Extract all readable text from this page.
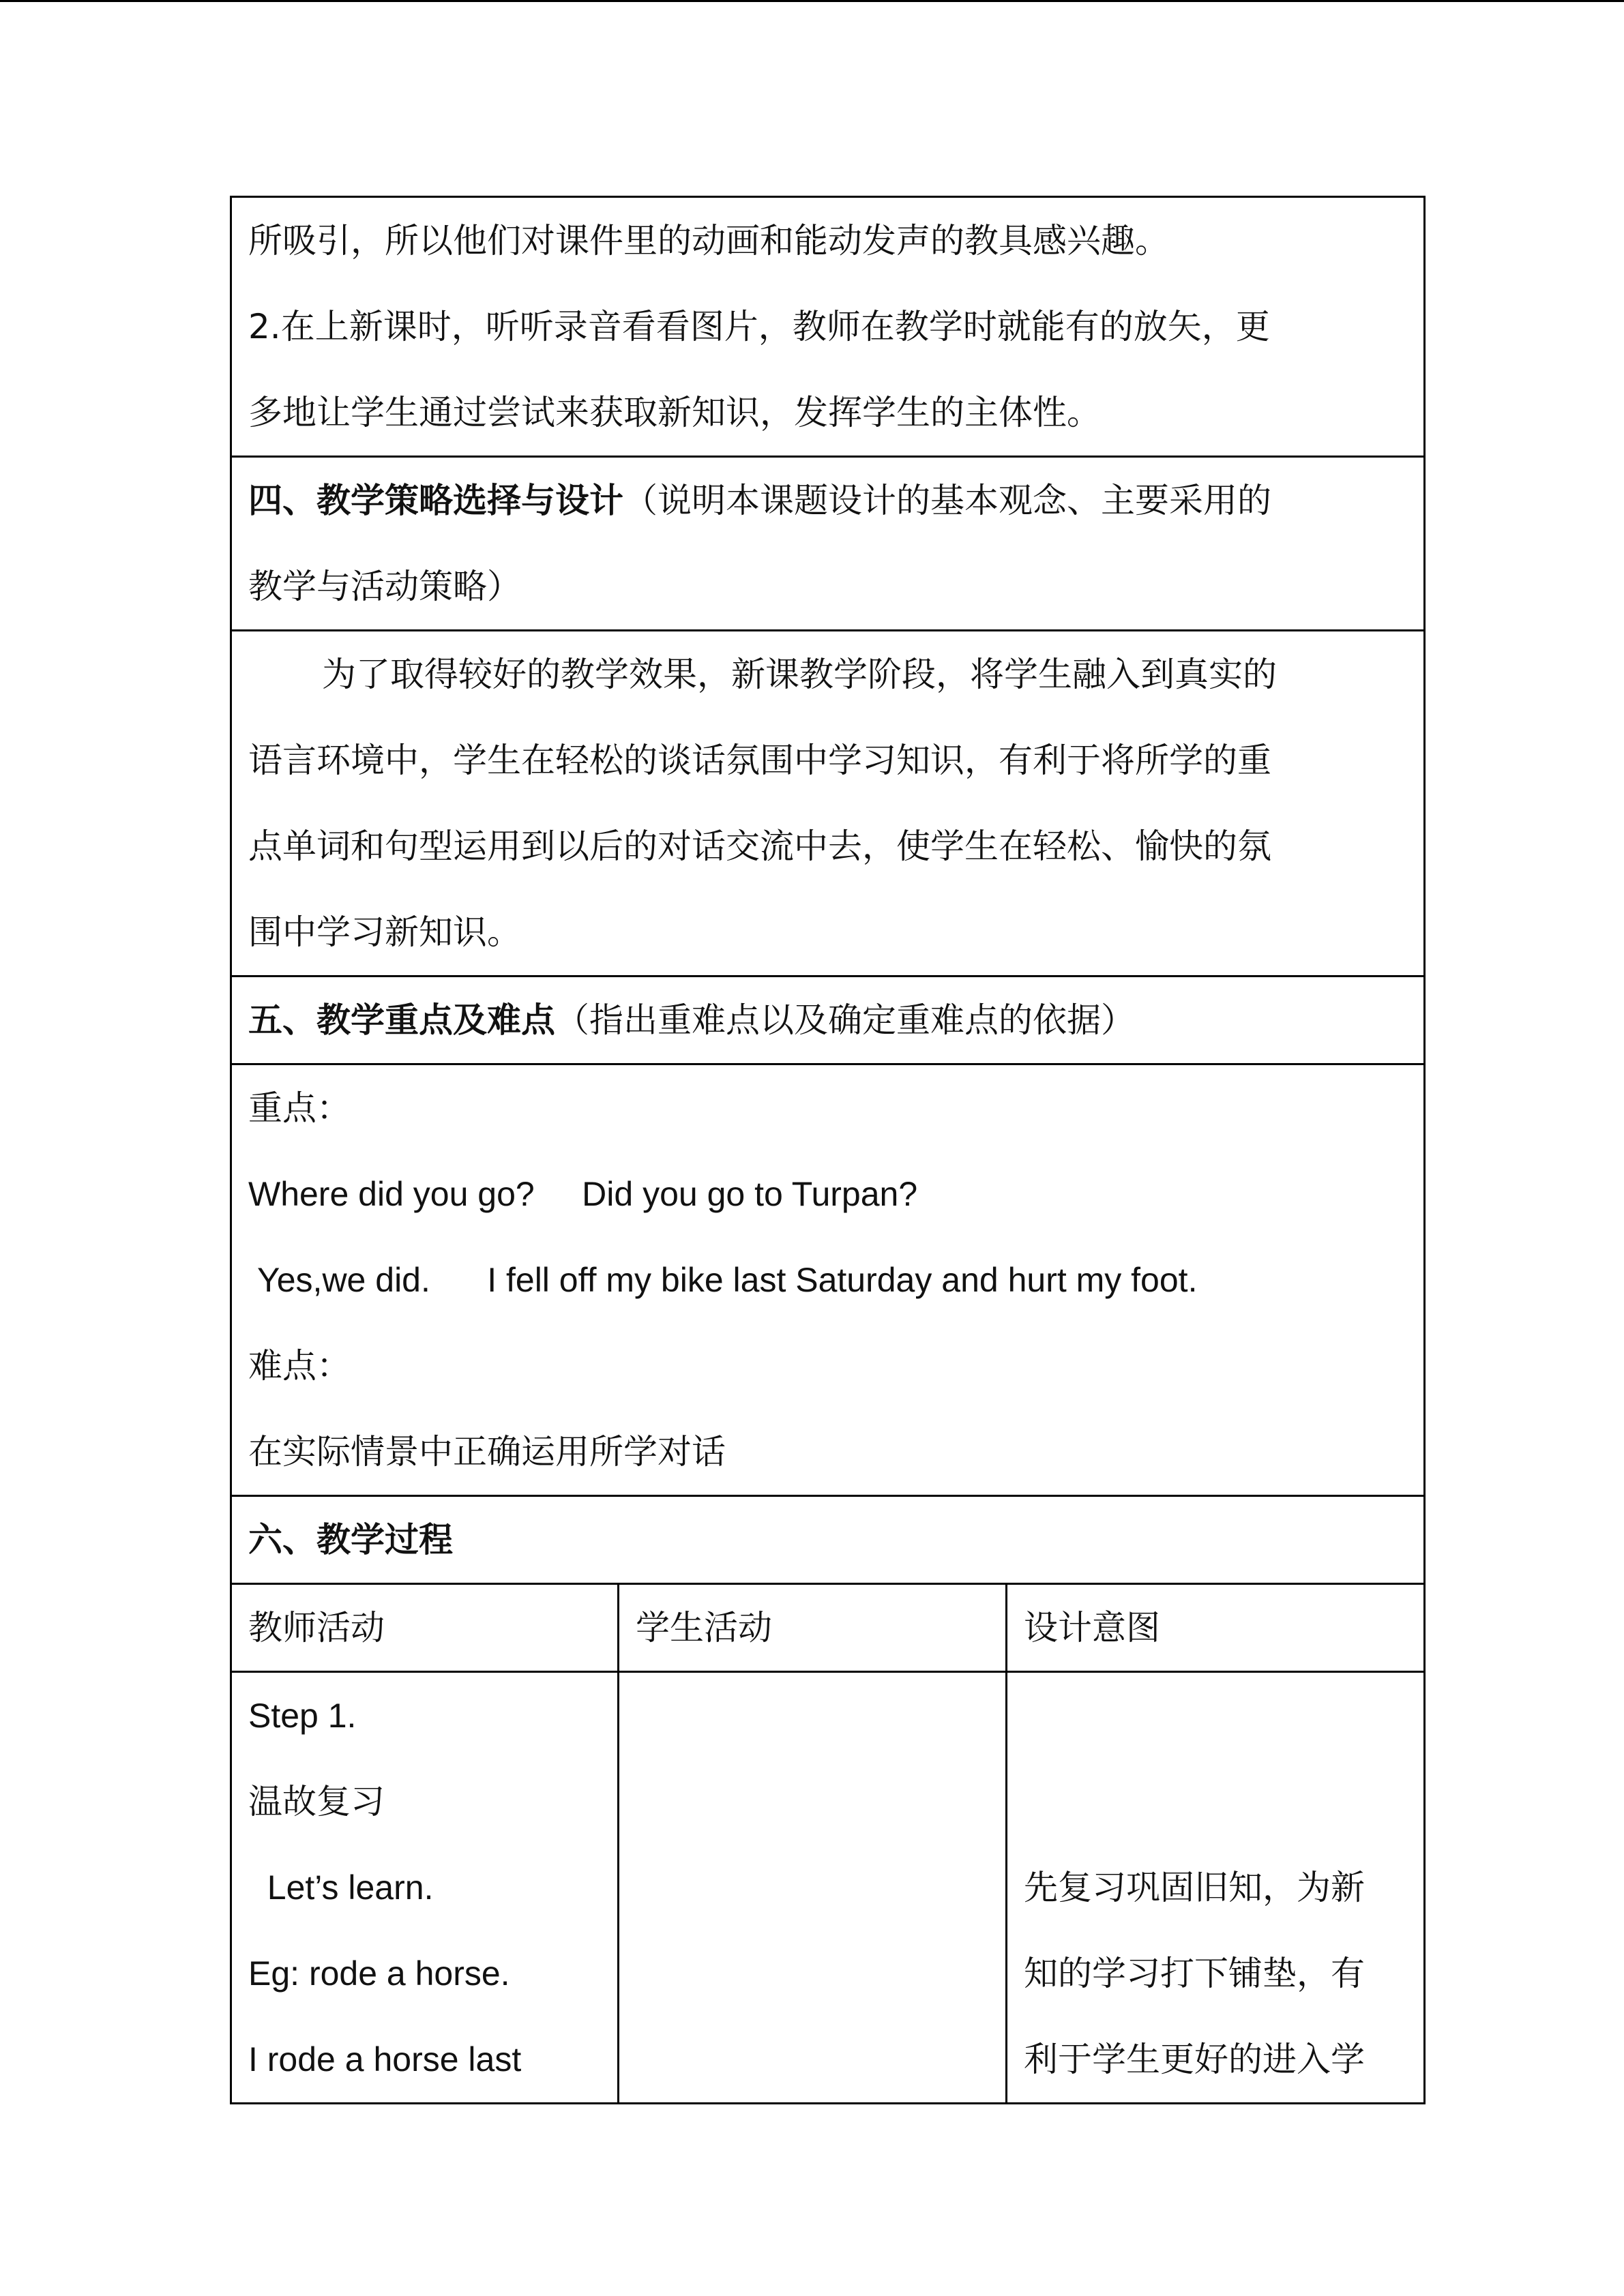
所吸引，所以他们对课件里的动画和能动发声的教具感兴趣。
2.在上新课时，听听录音看看图片，教师在教学时就能有的放矢，更
多地让学生通过尝试来获取新知识，发挥学生的主体性。
四、教学策略选择与设计（说明本课题设计的基本观念、主要采用的
教学与活动策略）
为了取得较好的教学效果，新课教学阶段，将学生融入到真实的
语言环境中，学生在轻松的谈话氛围中学习知识，有利于将所学的重
点单词和句型运用到以后的对话交流中去，使学生在轻松、愉快的氛
围中学习新知识。
五、教学重点及难点（指出重难点以及确定重难点的依据）
重点：
Where did you go?     Did you go to Turpan?
Yes,we did.      I fell off my bike last Saturday and hurt my foot.
难点：
在实际情景中正确运用所学对话
六、教学过程
教师活动	学生活动	设计意图
Step 1.
温故复习
Let’s learn.
Eg: rode a horse.
I rode a horse last
先复习巩固旧知，为新
知的学习打下铺垫，有
利于学生更好的进入学
